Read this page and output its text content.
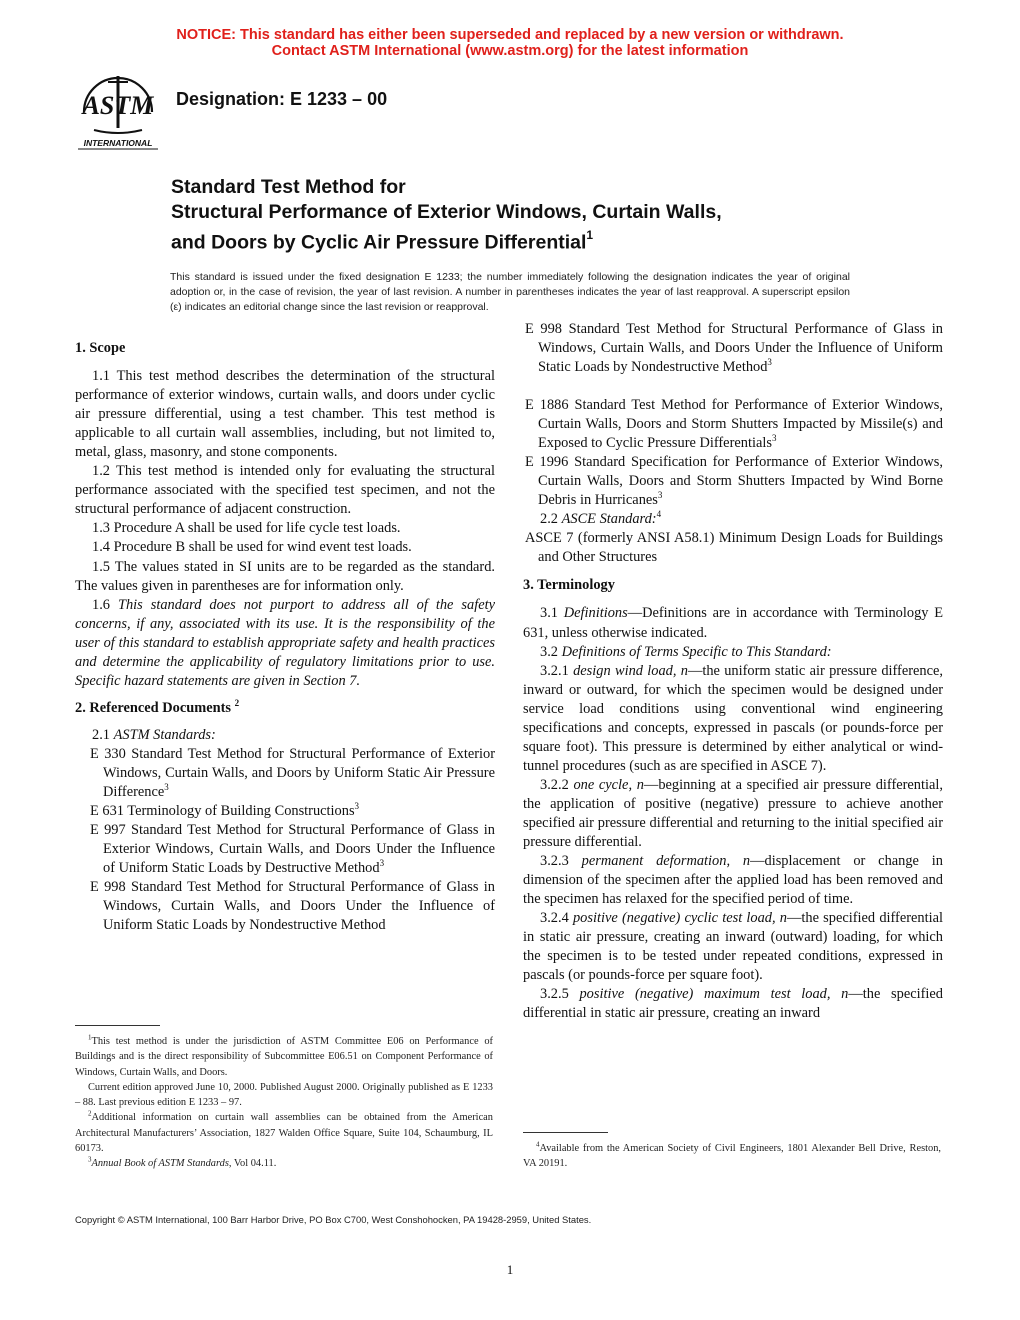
NOTICE: This standard has either been superseded and replaced by a new version or withdrawn.
Contact ASTM International (www.astm.org) for the latest information
ASTM
INTERNATIONAL
Designation: E 1233 – 00
Standard Test Method for
Structural Performance of Exterior Windows, Curtain Walls,
and Doors by Cyclic Air Pressure Differential$^1$
This standard is issued under the fixed designation E 1233; the number immediately following the designation indicates the year of original adoption or, in the case of revision, the year of last revision. A number in parentheses indicates the year of last reapproval. A superscript epsilon (ε) indicates an editorial change since the last revision or reapproval.
1. Scope

1.1 This test method describes the determination of the structural performance of exterior windows, curtain walls, and doors under cyclic air pressure differential, using a test chamber. This test method is applicable to all curtain wall assemblies, including, but not limited to, metal, glass, masonry, and stone components.

1.2 This test method is intended only for evaluating the structural performance associated with the specified test specimen, and not the structural performance of adjacent construction.

1.3 Procedure A shall be used for life cycle test loads.

1.4 Procedure B shall be used for wind event test loads.

1.5 The values stated in SI units are to be regarded as the standard. The values given in parentheses are for information only.

1.6 This standard does not purport to address all of the safety concerns, if any, associated with its use. It is the responsibility of the user of this standard to establish appropriate safety and health practices and determine the applicability of regulatory limitations prior to use. Specific hazard statements are given in Section 7.

2. Referenced Documents $^2$

2.1 ASTM Standards:

E 330 Standard Test Method for Structural Performance of Exterior Windows, Curtain Walls, and Doors by Uniform Static Air Pressure Difference$^3$

E 631 Terminology of Building Constructions$^3$

E 997 Standard Test Method for Structural Performance of Glass in Exterior Windows, Curtain Walls, and Doors Under the Influence of Uniform Static Loads by Destructive Method$^3$

E 998 Standard Test Method for Structural Performance of Glass in Windows, Curtain Walls, and Doors Under the Influence of Uniform Static Loads by Nondestructive Method

E 998 Standard Test Method for Structural Performance of Glass in Windows, Curtain Walls, and Doors Under the Influence of Uniform Static Loads by Nondestructive Method$^3$

E 1886 Standard Test Method for Performance of Exterior Windows, Curtain Walls, Doors and Storm Shutters Impacted by Missile(s) and Exposed to Cyclic Pressure Differentials$^3$

E 1996 Standard Specification for Performance of Exterior Windows, Curtain Walls, Doors and Storm Shutters Impacted by Wind Borne Debris in Hurricanes$^3$

2.2 ASCE Standard:$^4$

ASCE 7 (formerly ANSI A58.1) Minimum Design Loads for Buildings and Other Structures

3. Terminology

3.1 Definitions—Definitions are in accordance with Terminology E 631, unless otherwise indicated.

3.2 Definitions of Terms Specific to This Standard:

3.2.1 design wind load, n—the uniform static air pressure difference, inward or outward, for which the specimen would be designed under service load conditions using conventional wind engineering specifications and concepts, expressed in pascals (or pounds-force per square foot). This pressure is determined by either analytical or wind-tunnel procedures (such as are specified in ASCE 7).

3.2.2 one cycle, n—beginning at a specified air pressure differential, the application of positive (negative) pressure to achieve another specified air pressure differential and returning to the initial specified air pressure differential.

3.2.3 permanent deformation, n—displacement or change in dimension of the specimen after the applied load has been removed and the specimen has relaxed for the specified period of time.

3.2.4 positive (negative) cyclic test load, n—the specified differential in static air pressure, creating an inward (outward) loading, for which the specimen is to be tested under repeated conditions, expressed in pascals (or pounds-force per square foot).

3.2.5 positive (negative) maximum test load, n—the specified differential in static air pressure, creating an inward

$^1$This test method is under the jurisdiction of ASTM Committee E06 on Performance of Buildings and is the direct responsibility of Subcommittee E06.51 on Component Performance of Windows, Curtain Walls, and Doors.

Current edition approved June 10, 2000. Published August 2000. Originally published as E 1233 – 88. Last previous edition E 1233 – 97.

$^2$Additional information on curtain wall assemblies can be obtained from the American Architectural Manufacturers’ Association, 1827 Walden Office Square, Suite 104, Schaumburg, IL 60173.

$^3$Annual Book of ASTM Standards, Vol 04.11.

$^4$Available from the American Society of Civil Engineers, 1801 Alexander Bell Drive, Reston, VA 20191.

Copyright © ASTM International, 100 Barr Harbor Drive, PO Box C700, West Conshohocken, PA 19428-2959, United States.
1
